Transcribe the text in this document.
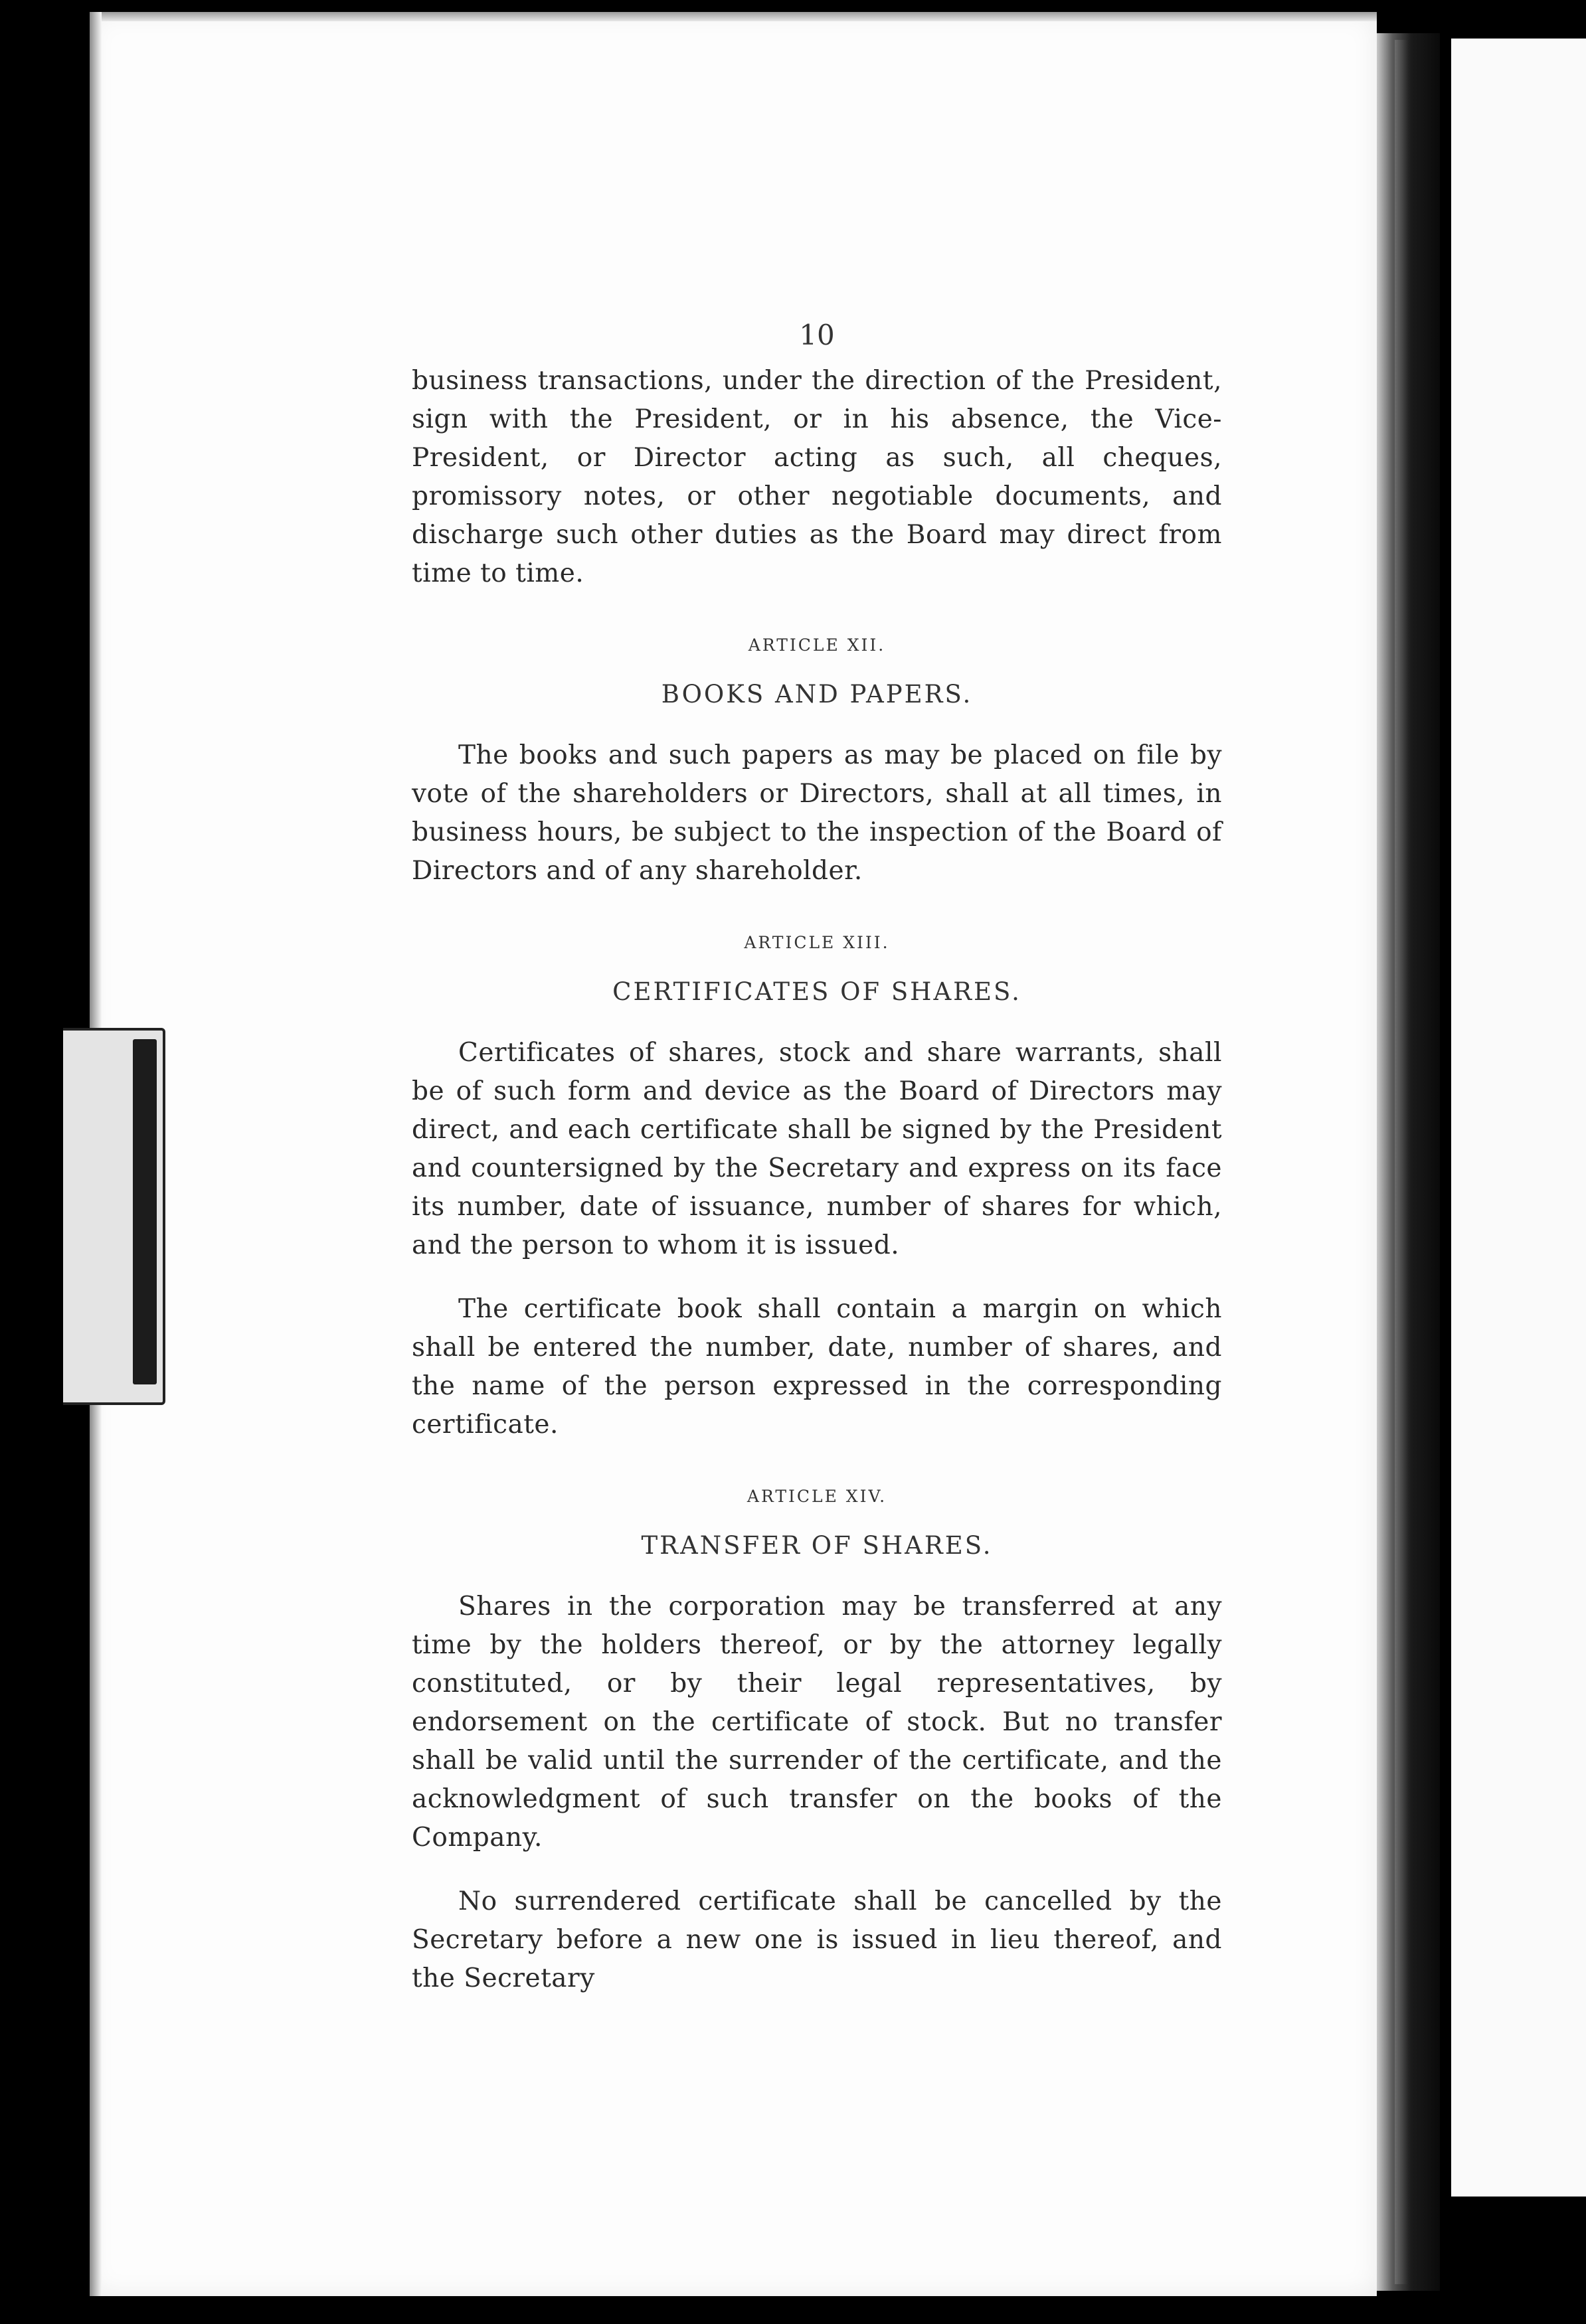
10

business transactions, under the direction of the President, sign with the President, or in his absence, the Vice-President, or Director acting as such, all cheques, promissory notes, or other negotiable documents, and discharge such other duties as the Board may direct from time to time.

ARTICLE XII.
BOOKS AND PAPERS.

The books and such papers as may be placed on file by vote of the shareholders or Directors, shall at all times, in business hours, be subject to the inspection of the Board of Directors and of any shareholder.

ARTICLE XIII.
CERTIFICATES OF SHARES.

Certificates of shares, stock and share warrants, shall be of such form and device as the Board of Directors may direct, and each certificate shall be signed by the President and countersigned by the Secretary and express on its face its number, date of issuance, number of shares for which, and the person to whom it is issued.

The certificate book shall contain a margin on which shall be entered the number, date, number of shares, and the name of the person expressed in the corresponding certificate.

ARTICLE XIV.
TRANSFER OF SHARES.

Shares in the corporation may be transferred at any time by the holders thereof, or by the attorney legally constituted, or by their legal representatives, by endorsement on the certificate of stock. But no transfer shall be valid until the surrender of the certificate, and the acknowledgment of such transfer on the books of the Company.

No surrendered certificate shall be cancelled by the Secretary before a new one is issued in lieu thereof, and the Secretary
